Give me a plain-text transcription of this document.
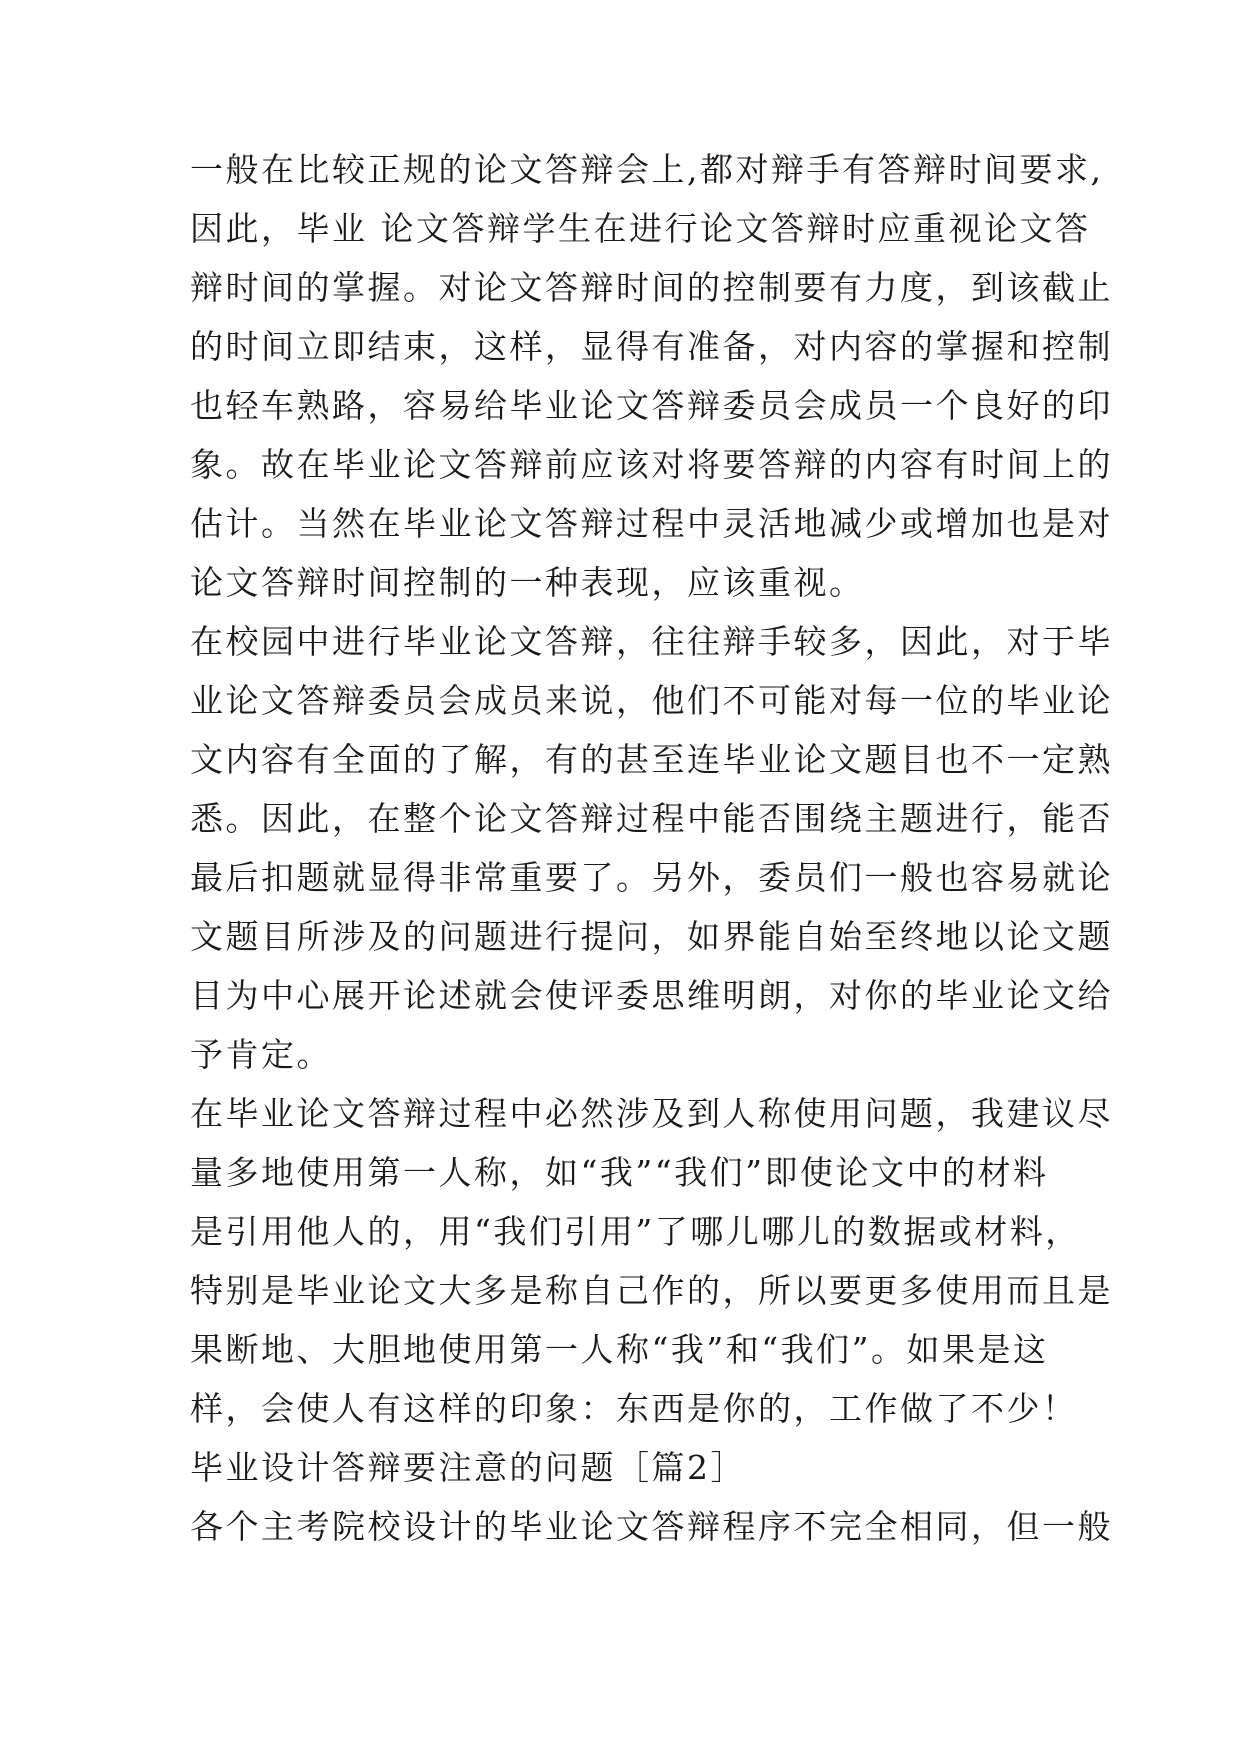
一般在比较正规的论文答辩会上,都对辩手有答辩时间要求,
因此，毕业 论文答辩学生在进行论文答辩时应重视论文答
辩时间的掌握。对论文答辩时间的控制要有力度，到该截止
的时间立即结束，这样，显得有准备，对内容的掌握和控制
也轻车熟路，容易给毕业论文答辩委员会成员一个良好的印
象。故在毕业论文答辩前应该对将要答辩的内容有时间上的
估计。当然在毕业论文答辩过程中灵活地减少或增加也是对
论文答辩时间控制的一种表现，应该重视。
在校园中进行毕业论文答辩，往往辩手较多，因此，对于毕
业论文答辩委员会成员来说，他们不可能对每一位的毕业论
文内容有全面的了解，有的甚至连毕业论文题目也不一定熟
悉。因此，在整个论文答辩过程中能否围绕主题进行，能否
最后扣题就显得非常重要了。另外，委员们一般也容易就论
文题目所涉及的问题进行提问，如界能自始至终地以论文题
目为中心展开论述就会使评委思维明朗，对你的毕业论文给
予肯定。
在毕业论文答辩过程中必然涉及到人称使用问题，我建议尽
量多地使用第一人称，如“我”“我们”即使论文中的材料
是引用他人的，用“我们引用”了哪儿哪儿的数据或材料，
特别是毕业论文大多是称自己作的，所以要更多使用而且是
果断地、大胆地使用第一人称“我”和“我们”。如果是这
样，会使人有这样的印象：东西是你的，工作做了不少！
毕业设计答辩要注意的问题［篇2］
各个主考院校设计的毕业论文答辩程序不完全相同，但一般
